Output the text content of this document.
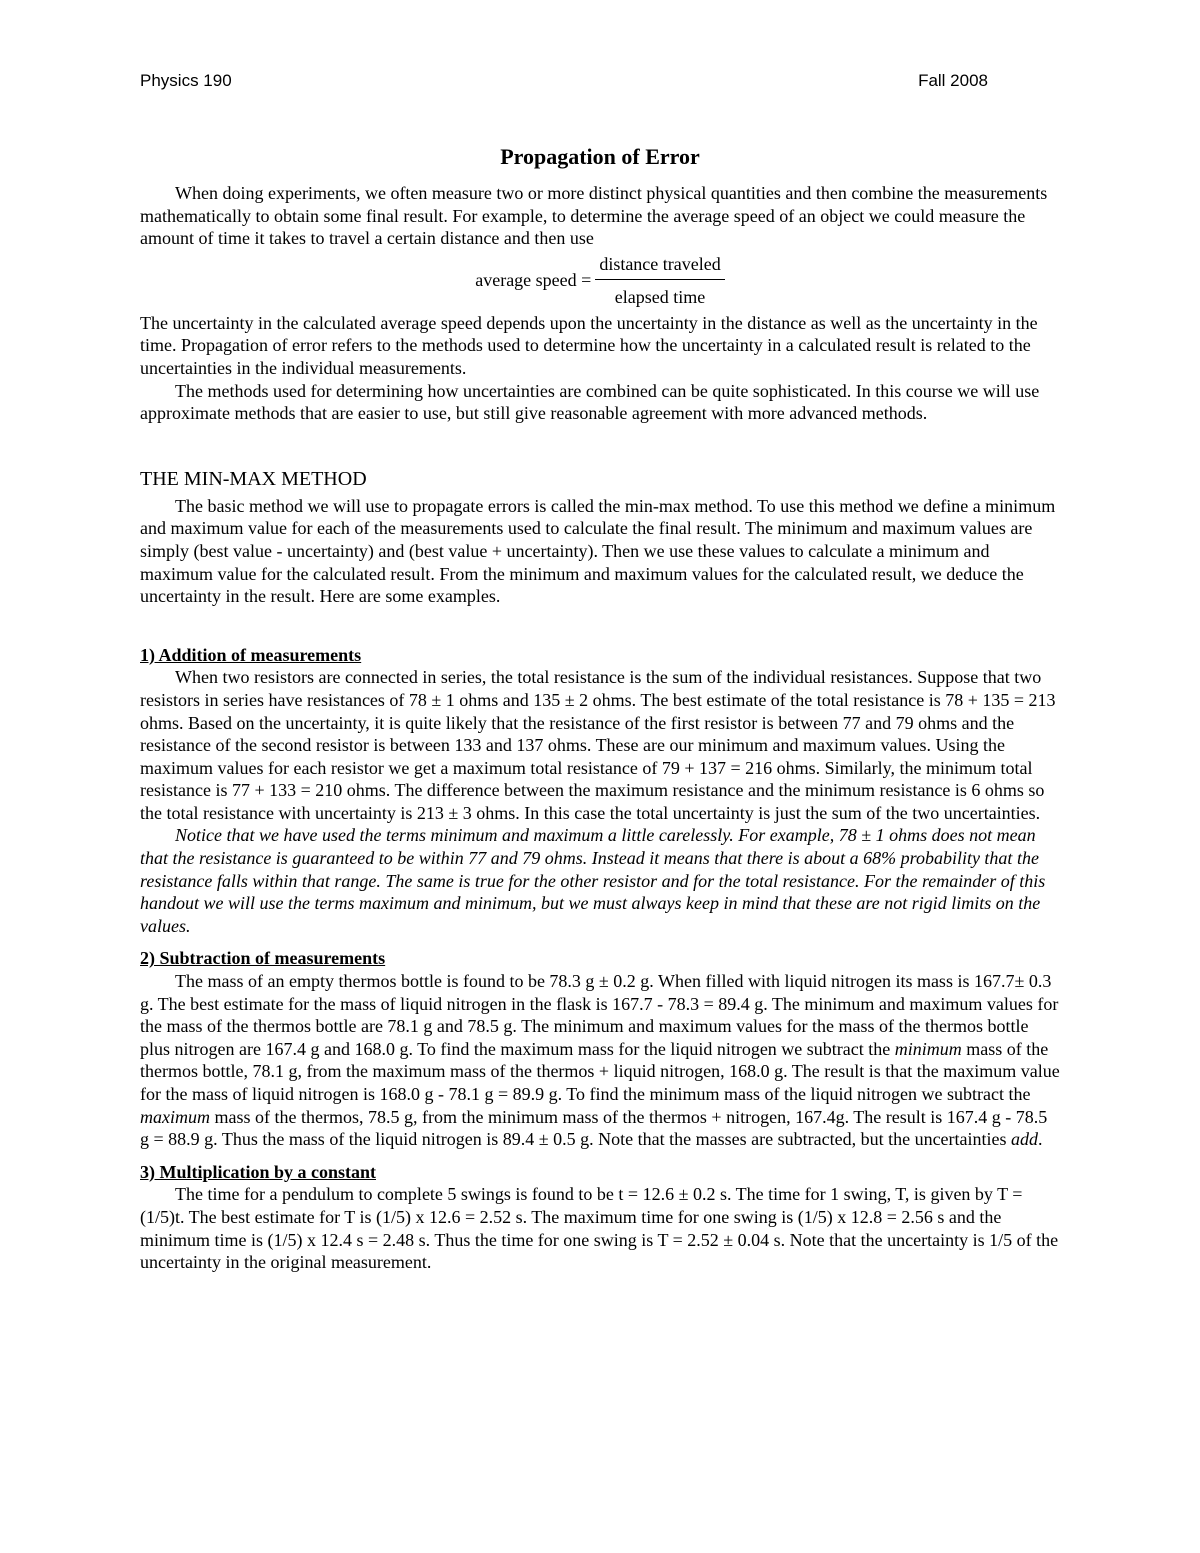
Physics 190	Fall 2008
Propagation of Error

When doing experiments, we often measure two or more distinct physical quantities and then combine the measurements mathematically to obtain some final result. For example, to determine the average speed of an object we could measure the amount of time it takes to travel a certain distance and then use

average speed = $\frac{\text{distance traveled}}{\text{elapsed time}}$

The uncertainty in the calculated average speed depends upon the uncertainty in the distance as well as the uncertainty in the time. Propagation of error refers to the methods used to determine how the uncertainty in a calculated result is related to the uncertainties in the individual measurements.

The methods used for determining how uncertainties are combined can be quite sophisticated. In this course we will use approximate methods that are easier to use, but still give reasonable agreement with more advanced methods.

THE MIN-MAX METHOD

The basic method we will use to propagate errors is called the min-max method. To use this method we define a minimum and maximum value for each of the measurements used to calculate the final result. The minimum and maximum values are simply (best value - uncertainty) and (best value + uncertainty). Then we use these values to calculate a minimum and maximum value for the calculated result. From the minimum and maximum values for the calculated result, we deduce the uncertainty in the result. Here are some examples.

1) Addition of measurements

When two resistors are connected in series, the total resistance is the sum of the individual resistances. Suppose that two resistors in series have resistances of 78 ± 1 ohms and 135 ± 2 ohms. The best estimate of the total resistance is 78 + 135 = 213 ohms. Based on the uncertainty, it is quite likely that the resistance of the first resistor is between 77 and 79 ohms and the resistance of the second resistor is between 133 and 137 ohms. These are our minimum and maximum values. Using the maximum values for each resistor we get a maximum total resistance of 79 + 137 = 216 ohms. Similarly, the minimum total resistance is 77 + 133 = 210 ohms. The difference between the maximum resistance and the minimum resistance is 6 ohms so the total resistance with uncertainty is 213 ± 3 ohms. In this case the total uncertainty is just the sum of the two uncertainties.

Notice that we have used the terms minimum and maximum a little carelessly. For example, 78 ± 1 ohms does not mean that the resistance is guaranteed to be within 77 and 79 ohms. Instead it means that there is about a 68% probability that the resistance falls within that range. The same is true for the other resistor and for the total resistance. For the remainder of this handout we will use the terms maximum and minimum, but we must always keep in mind that these are not rigid limits on the values.

2) Subtraction of measurements

The mass of an empty thermos bottle is found to be 78.3 g ± 0.2 g. When filled with liquid nitrogen its mass is 167.7± 0.3 g. The best estimate for the mass of liquid nitrogen in the flask is 167.7 - 78.3 = 89.4 g. The minimum and maximum values for the mass of the thermos bottle are 78.1 g and 78.5 g. The minimum and maximum values for the mass of the thermos bottle plus nitrogen are 167.4 g and 168.0 g. To find the maximum mass for the liquid nitrogen we subtract the minimum mass of the thermos bottle, 78.1 g, from the maximum mass of the thermos + liquid nitrogen, 168.0 g. The result is that the maximum value for the mass of liquid nitrogen is 168.0 g - 78.1 g = 89.9 g. To find the minimum mass of the liquid nitrogen we subtract the maximum mass of the thermos, 78.5 g, from the minimum mass of the thermos + nitrogen, 167.4g. The result is 167.4 g - 78.5 g = 88.9 g. Thus the mass of the liquid nitrogen is 89.4 ± 0.5 g. Note that the masses are subtracted, but the uncertainties add.

3) Multiplication by a constant

The time for a pendulum to complete 5 swings is found to be t = 12.6 ± 0.2 s. The time for 1 swing, T, is given by T = (1/5)t. The best estimate for T is (1/5) x 12.6 = 2.52 s. The maximum time for one swing is (1/5) x 12.8 = 2.56 s and the minimum time is (1/5) x 12.4 s = 2.48 s. Thus the time for one swing is T = 2.52 ± 0.04 s. Note that the uncertainty is 1/5 of the uncertainty in the original measurement.
